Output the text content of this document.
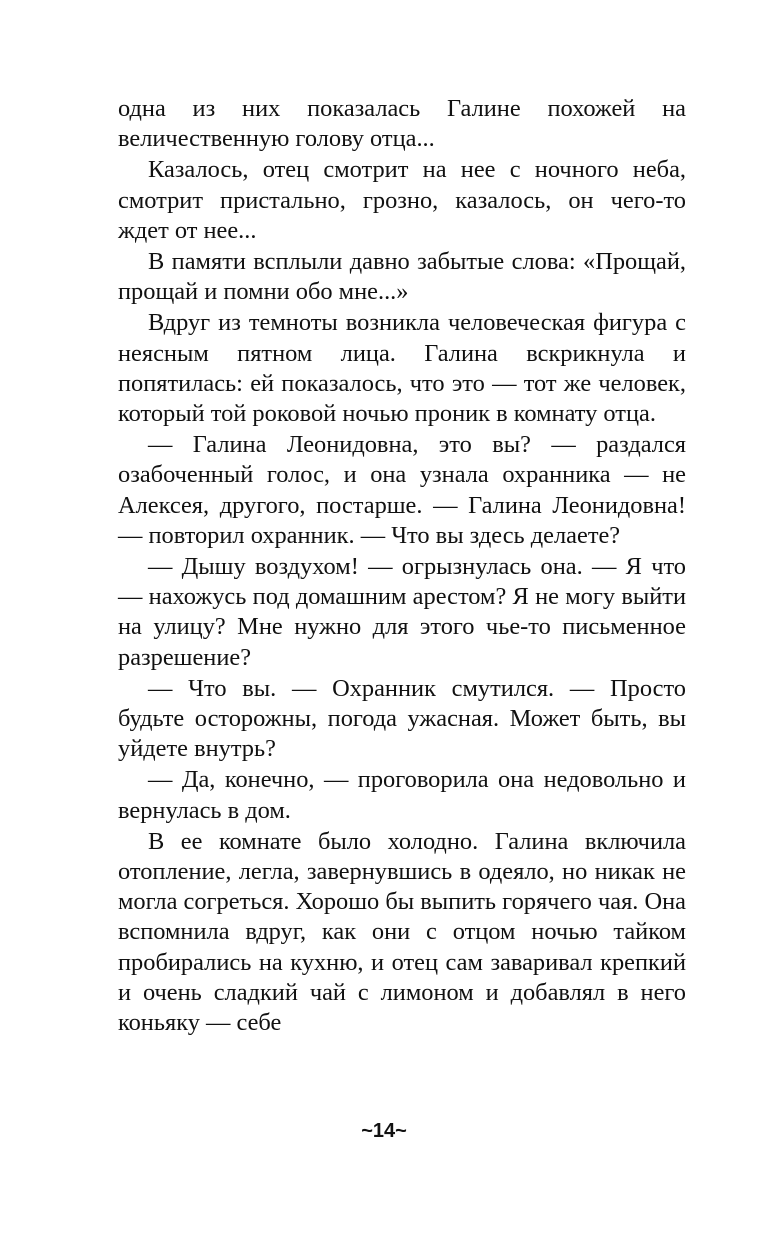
одна из них показалась Галине похожей на величественную голову отца...

Казалось, отец смотрит на нее с ночного неба, смотрит пристально, грозно, казалось, он чего-то ждет от нее...

В памяти всплыли давно забытые слова: «Прощай, прощай и помни обо мне...»

Вдруг из темноты возникла человеческая фигура с неясным пятном лица. Галина вскрикнула и попятилась: ей показалось, что это — тот же человек, который той роковой ночью проник в комнату отца.

— Галина Леонидовна, это вы? — раздался озабоченный голос, и она узнала охранника — не Алексея, другого, постарше. — Галина Леонидовна! — повторил охранник. — Что вы здесь делаете?

— Дышу воздухом! — огрызнулась она. — Я что — нахожусь под домашним арестом? Я не могу выйти на улицу? Мне нужно для этого чье-то письменное разрешение?

— Что вы. — Охранник смутился. — Просто будьте осторожны, погода ужасная. Может быть, вы уйдете внутрь?

— Да, конечно, — проговорила она недовольно и вернулась в дом.

В ее комнате было холодно. Галина включила отопление, легла, завернувшись в одеяло, но никак не могла согреться. Хорошо бы выпить горячего чая. Она вспомнила вдруг, как они с отцом ночью тайком пробирались на кухню, и отец сам заваривал крепкий и очень сладкий чай с лимоном и добавлял в него коньяку — себе

~14~
